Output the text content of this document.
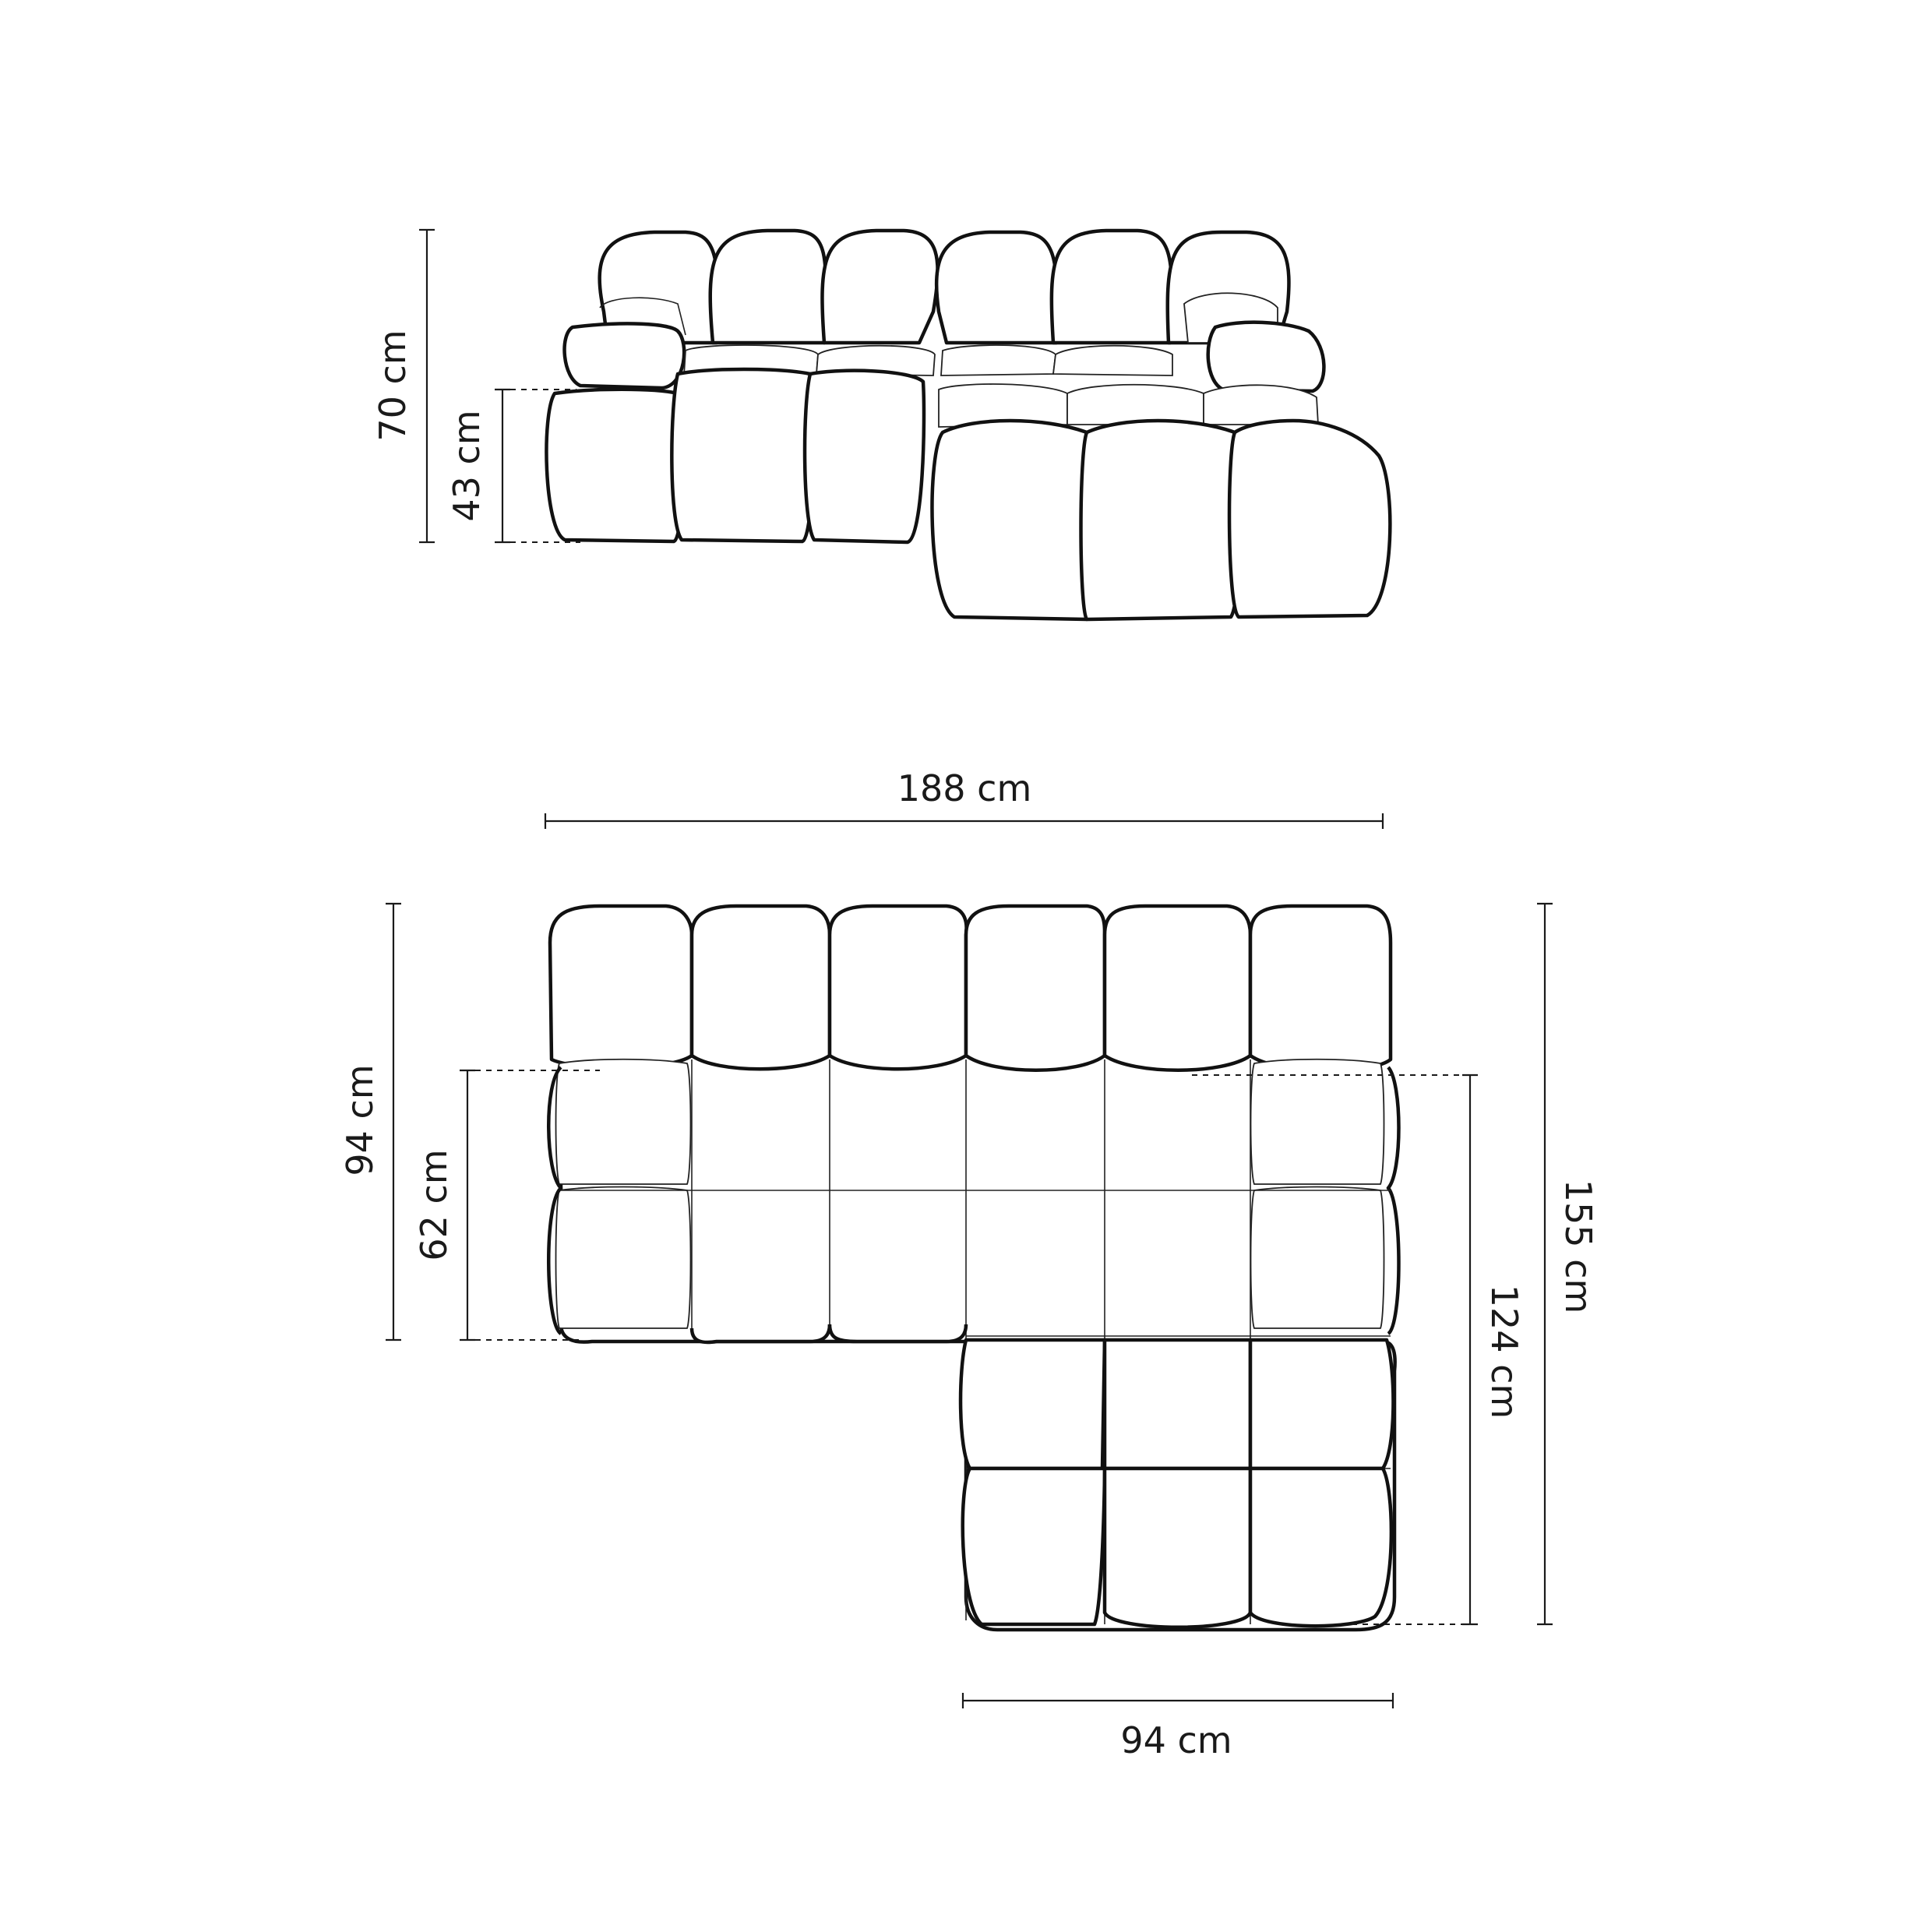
70 cm
43 cm
188 cm
94 cm
62 cm	155 cm
124 cm
94 cm
